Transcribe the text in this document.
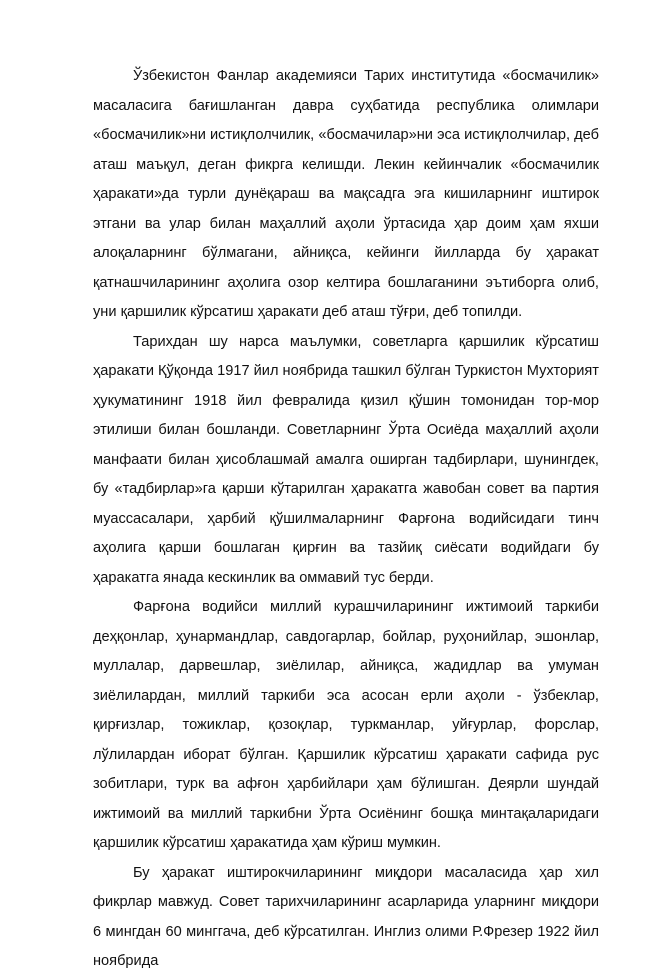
Ўзбекистон Фанлар академияси Тарих институтида «босмачилик» масаласига бағишланган давра суҳбатида республика олимлари «босмачилик»ни истиқлолчилик, «босмачилар»ни эса истиқлолчилар, деб аташ маъқул, деган фикрга келишди. Лекин кейинчалик «босмачилик ҳаракати»да турли дунёқараш ва мақсадга эга кишиларнинг иштирок этгани ва улар билан маҳаллий аҳоли ўртасида ҳар доим ҳам яхши алоқаларнинг бўлмагани, айниқса, кейинги йилларда бу ҳаракат қатнашчиларининг аҳолига озор келтира бошлаганини эътиборга олиб, уни қаршилик кўрсатиш ҳаракати деб аташ тўғри, деб топилди.

Тарихдан шу нарса маълумки, советларга қаршилик кўрсатиш ҳаракати Қўқонда 1917 йил ноябрида ташкил бўлган Туркистон Мухторият ҳукуматининг 1918 йил февралида қизил қўшин томонидан тор-мор этилиши билан бошланди. Советларнинг Ўрта Осиёда маҳаллий аҳоли манфаати билан ҳисоблашмай амалга оширган тадбирлари, шунингдек, бу «тадбирлар»га қарши кўтарилган ҳаракатга жавобан совет ва партия муассасалари, ҳарбий қўшилмаларнинг Фарғона водийсидаги тинч аҳолига қарши бошлаган қирғин ва тазйиқ сиёсати водийдаги бу ҳаракатга янада кескинлик ва оммавий тус берди.

Фарғона водийси миллий курашчиларининг ижтимоий таркиби деҳқонлар, ҳунармандлар, савдогарлар, бойлар, руҳонийлар, эшонлар, муллалар, дарвешлар, зиёлилар, айниқса, жадидлар ва умуман зиёлилардан, миллий таркиби эса асосан ерли аҳоли - ўзбеклар, қирғизлар, тожиклар, қозоқлар, туркманлар, уйғурлар, форслар, лўлилардан иборат бўлган. Қаршилик кўрсатиш ҳаракати сафида рус зобитлари, турк ва афғон ҳарбийлари ҳам бўлишган. Деярли шундай ижтимоий ва миллий таркибни Ўрта Осиёнинг бошқа минтақаларидаги қаршилик кўрсатиш ҳаракатида ҳам кўриш мумкин.

Бу ҳаракат иштирокчиларининг миқдори масаласида ҳар хил фикрлар мавжуд. Совет тарихчиларининг асарларида уларнинг миқдори 6 мингдан 60 минггача, деб кўрсатилган. Инглиз олими Р.Фрезер 1922 йил ноябрида
